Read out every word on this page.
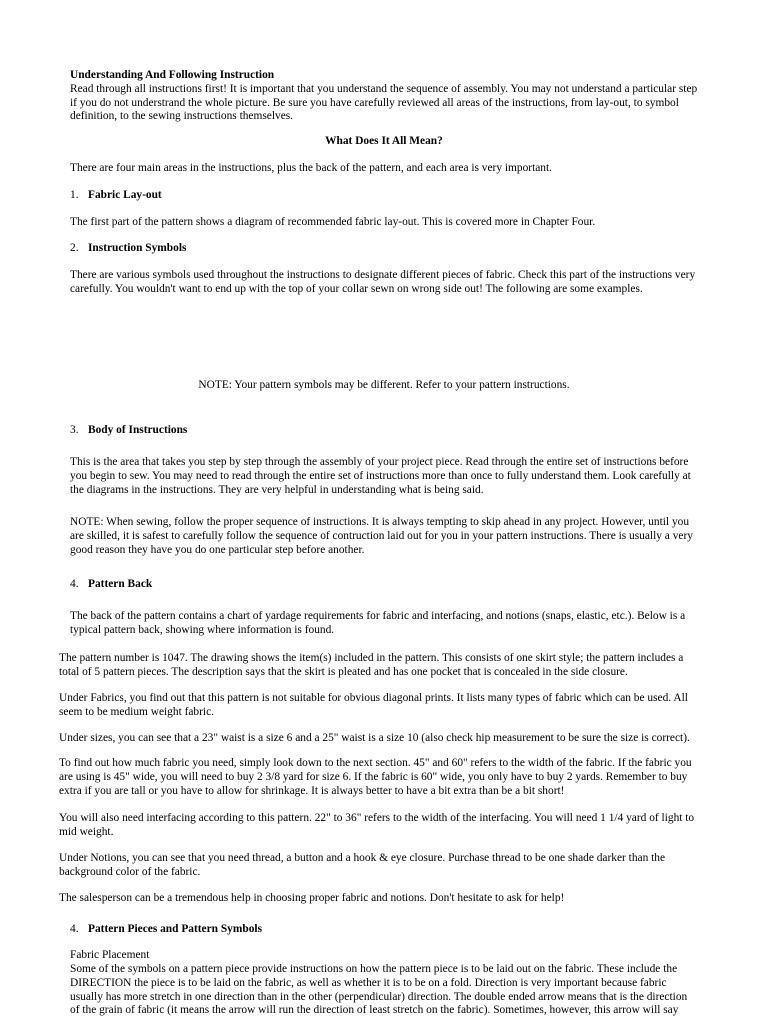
Understanding And Following Instruction
Read through all instructions first! It is important that you understand the sequence of assembly. You may not understand a particular step if you do not understrand the whole picture. Be sure you have carefully reviewed all areas of the instructions, from lay-out, to symbol definition, to the sewing instructions themselves.

What Does It All Mean?

There are four main areas in the instructions, plus the back of the pattern, and each area is very important.

1. Fabric Lay-out

The first part of the pattern shows a diagram of recommended fabric lay-out. This is covered more in Chapter Four.

2. Instruction Symbols

There are various symbols used throughout the instructions to designate different pieces of fabric. Check this part of the instructions very carefully. You wouldn't want to end up with the top of your collar sewn on wrong side out! The following are some examples.

NOTE: Your pattern symbols may be different. Refer to your pattern instructions.

3. Body of Instructions

This is the area that takes you step by step through the assembly of your project piece. Read through the entire set of instructions before you begin to sew. You may need to read through the entire set of instructions more than once to fully understand them. Look carefully at the diagrams in the instructions. They are very helpful in understanding what is being said.

NOTE: When sewing, follow the proper sequence of instructions. It is always tempting to skip ahead in any project. However, until you are skilled, it is safest to carefully follow the sequence of contruction laid out for you in your pattern instructions. There is usually a very good reason they have you do one particular step before another.

4. Pattern Back

The back of the pattern contains a chart of yardage requirements for fabric and interfacing, and notions (snaps, elastic, etc.). Below is a typical pattern back, showing where information is found.

The pattern number is 1047. The drawing shows the item(s) included in the pattern. This consists of one skirt style; the pattern includes a total of 5 pattern pieces. The description says that the skirt is pleated and has one pocket that is concealed in the side closure.

Under Fabrics, you find out that this pattern is not suitable for obvious diagonal prints. It lists many types of fabric which can be used. All seem to be medium weight fabric.

Under sizes, you can see that a 23" waist is a size 6 and a 25" waist is a size 10 (also check hip measurement to be sure the size is correct).

To find out how much fabric you need, simply look down to the next section. 45" and 60" refers to the width of the fabric. If the fabric you are using is 45" wide, you will need to buy 2 3/8 yard for size 6. If the fabric is 60" wide, you only have to buy 2 yards. Remember to buy extra if you are tall or you have to allow for shrinkage. It is always better to have a bit extra than be a bit short!

You will also need interfacing according to this pattern. 22" to 36" refers to the width of the interfacing. You will need 1 1/4 yard of light to mid weight.

Under Notions, you can see that you need thread, a button and a hook & eye closure. Purchase thread to be one shade darker than the background color of the fabric.

The salesperson can be a tremendous help in choosing proper fabric and notions. Don't hesitate to ask for help!

4. Pattern Pieces and Pattern Symbols

Fabric Placement

Some of the symbols on a pattern piece provide instructions on how the pattern piece is to be laid out on the fabric. These include the DIRECTION the piece is to be laid on the fabric, as well as whether it is to be on a fold. Direction is very important because fabric usually has more stretch in one direction than in the other (perpendicular) direction. The double ended arrow means that is the direction of the grain of fabric (it means the arrow will run the direction of least stretch on the fabric). Sometimes, however, this arrow will say
